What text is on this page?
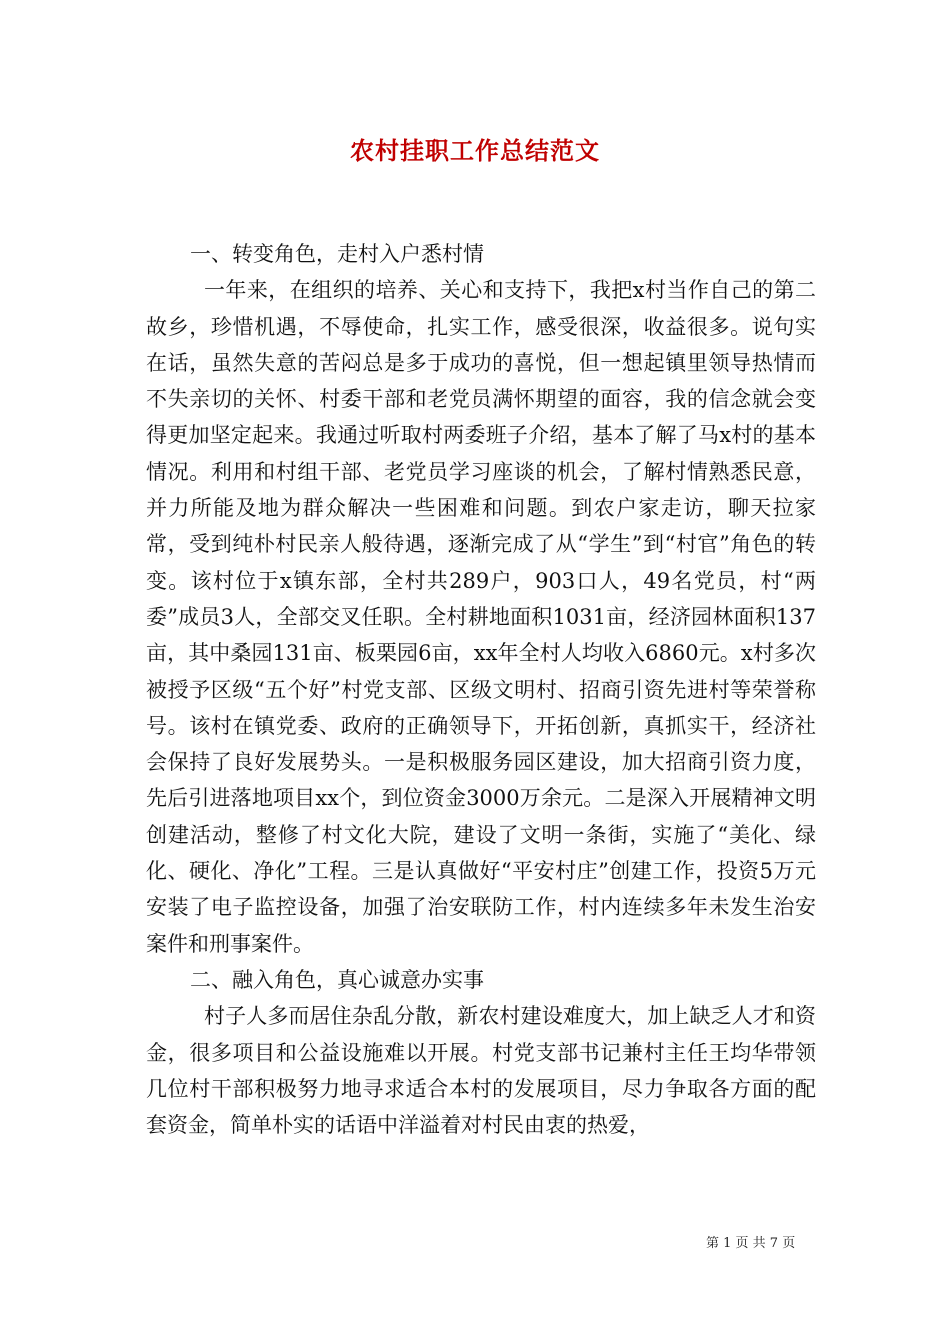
农村挂职工作总结范文

一、转变角色，走村入户悉村情

一年来，在组织的培养、关心和支持下，我把x村当作自己的第二故乡，珍惜机遇，不辱使命，扎实工作，感受很深，收益很多。说句实在话，虽然失意的苦闷总是多于成功的喜悦，但一想起镇里领导热情而不失亲切的关怀、村委干部和老党员满怀期望的面容，我的信念就会变得更加坚定起来。我通过听取村两委班子介绍，基本了解了马x村的基本情况。利用和村组干部、老党员学习座谈的机会，了解村情熟悉民意，并力所能及地为群众解决一些困难和问题。到农户家走访，聊天拉家常，受到纯朴村民亲人般待遇，逐渐完成了从“学生”到“村官”角色的转变。该村位于x镇东部，全村共289户，903口人，49名党员，村“两委”成员3人，全部交叉任职。全村耕地面积1031亩，经济园林面积137亩，其中桑园131亩、板栗园6亩，xx年全村人均收入6860元。x村多次被授予区级“五个好”村党支部、区级文明村、招商引资先进村等荣誉称号。该村在镇党委、政府的正确领导下，开拓创新，真抓实干，经济社会保持了良好发展势头。一是积极服务园区建设，加大招商引资力度，先后引进落地项目xx个，到位资金3000万余元。二是深入开展精神文明创建活动，整修了村文化大院，建设了文明一条街，实施了“美化、绿化、硬化、净化”工程。三是认真做好“平安村庄”创建工作，投资5万元安装了电子监控设备，加强了治安联防工作，村内连续多年未发生治安案件和刑事案件。

二、融入角色，真心诚意办实事

村子人多而居住杂乱分散，新农村建设难度大，加上缺乏人才和资金，很多项目和公益设施难以开展。村党支部书记兼村主任王均华带领几位村干部积极努力地寻求适合本村的发展项目，尽力争取各方面的配套资金，简单朴实的话语中洋溢着对村民由衷的热爱，

第 1 页 共 7 页
